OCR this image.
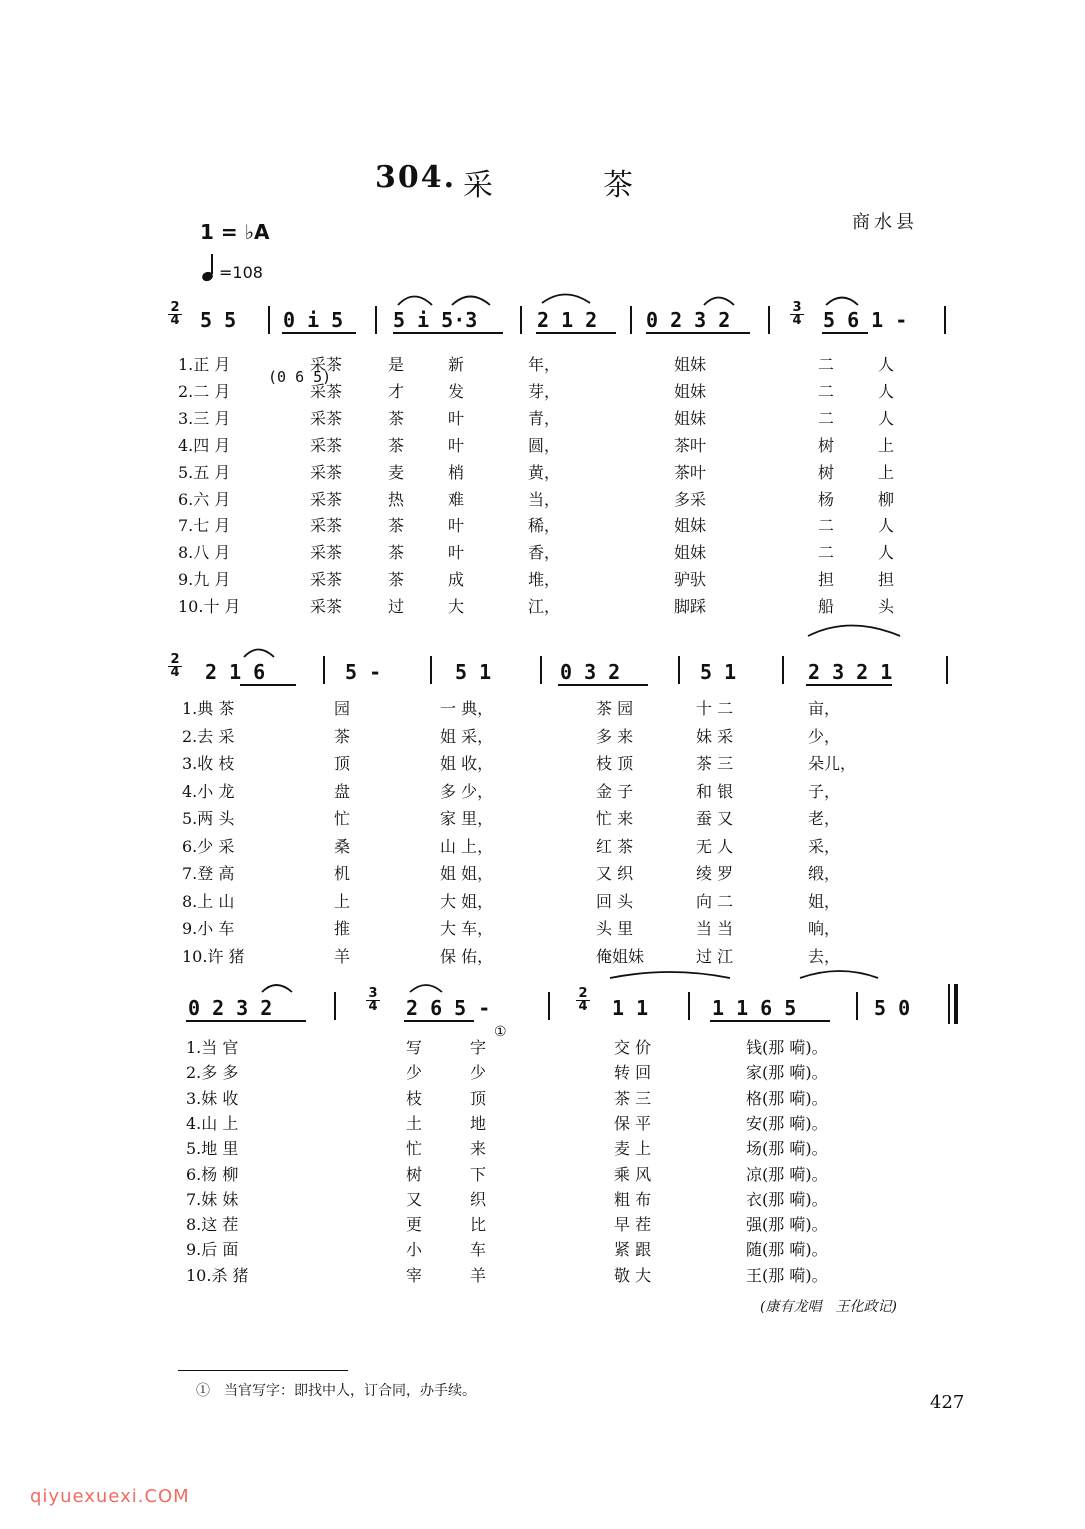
304. 采	茶
商水县
1 = ♭A
=108
2
4 5 5 0 i 5 5 i 5·3	2 1 2 0 2 3 2
3
4 5 6 1 -
(0 6 5)
1.正 月	采茶	是	新	年，	姐妹	二	人
2.二 月	采茶	才	发	芽，	姐妹	二	人
3.三 月	采茶	茶	叶	青，	姐妹	二	人
4.四 月	采茶	茶	叶	圆，	茶叶	树	上
5.五 月	采茶	麦	梢	黄，	茶叶	树	上
6.六 月	采茶	热	难	当，	多采	杨	柳
7.七 月	采茶	茶	叶	稀，	姐妹	二	人
8.八 月	采茶	茶	叶	香，	姐妹	二	人
9.九 月	采茶	茶	成	堆，	驴驮	担	担
10.十 月	采茶	过	大	江，	脚踩	船	头
2
4 2 1 6	5 -	5 1	0 3 2	5 1	2 3 2 1
1.典 茶	园	一 典，	茶 园	十 二	亩，
2.去 采	茶	姐 采，	多 来	妹 采	少，
3.收 枝	顶	姐 收，	枝 顶	茶 三	朵儿，
4.小 龙	盘	多 少，	金 子	和 银	子，
5.两 头	忙	家 里，	忙 来	蚕 又	老，
6.少 采	桑	山 上，	红 茶	无 人	采，
7.登 高	机	姐 姐，	又 织	绫 罗	缎，
8.上 山	上	大 姐，	回 头	向 二	姐，
9.小 车	推	大 车，	头 里	当 当	响，
10.许 猪	羊	保 佑，	俺姐妹	过 江	去，
0 2 3 2
3
4 2 6 5 -
2
4 1 1	1 1 6 5	5 0
①
1.当 官	写	字	交 价	钱(那 嗬)。
2.多 多	少	少	转 回	家(那 嗬)。
3.妹 收	枝	顶	茶 三	格(那 嗬)。
4.山 上	土	地	保 平	安(那 嗬)。
5.地 里	忙	来	麦 上	场(那 嗬)。
6.杨 柳	树	下	乘 风	凉(那 嗬)。
7.妹 妹	又	织	粗 布	衣(那 嗬)。
8.这 茬	更	比	早 茬	强(那 嗬)。
9.后 面	小	车	紧 跟	随(那 嗬)。
10.杀 猪	宰	羊	敬 大	王(那 嗬)。
(康有龙唱　王化政记)
①　当官写字：即找中人，订合同，办手续。
427
qiyuexuexi.COM
